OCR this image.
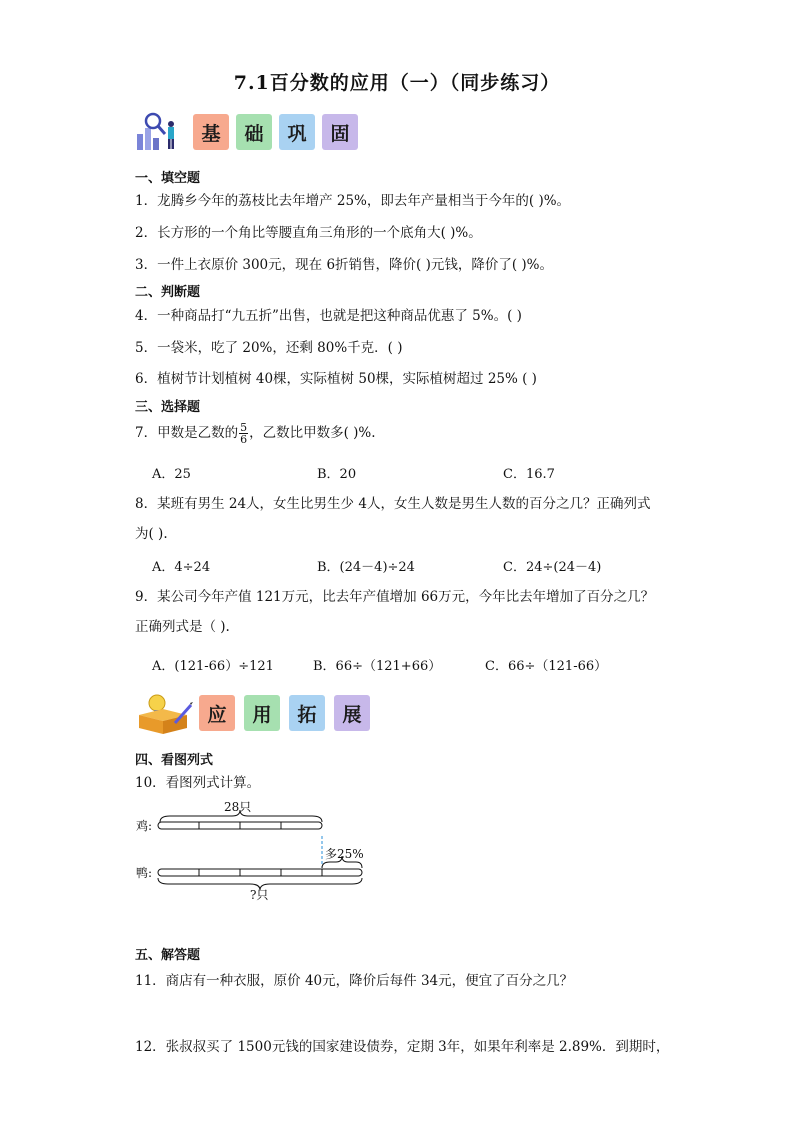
7.1百分数的应用（一）（同步练习）
基	础	巩	固
一、填空题
1．龙腾乡今年的荔枝比去年增产 25%，即去年产量相当于今年的( )%。
2．长方形的一个角比等腰直角三角形的一个底角大( )%。
3．一件上衣原价 300元，现在 6折销售，降价( )元钱，降价了( )%。
二、判断题
4．一种商品打“九五折”出售，也就是把这种商品优惠了 5%。( )
5．一袋米，吃了 20%，还剩 80%千克．( )
6．植树节计划植树 40棵，实际植树 50棵，实际植树超过 25% ( )
三、选择题
7．甲数是乙数的 $\frac{5}{6}$ ，乙数比甲数多( )%.
A．25	B．20	C．16.7
8．某班有男生 24人，女生比男生少 4人，女生人数是男生人数的百分之几？正确列式
为( ).
A．4÷24	B．(24－4)÷24	C．24÷(24－4)
9．某公司今年产值 121万元，比去年产值增加 66万元，今年比去年增加了百分之几？
正确列式是（ ).
A．(121-66）÷121	B．66÷（121+66）	C．66÷（121-66）
应	用	拓	展
四、看图列式
10．看图列式计算。
鸡:
鸭:
28只
多25%
?只
五、解答题
11．商店有一种衣服，原价 40元，降价后每件 34元，便宜了百分之几？
12．张叔叔买了 1500元钱的国家建设债券，定期 3年，如果年利率是 2.89%．到期时，
